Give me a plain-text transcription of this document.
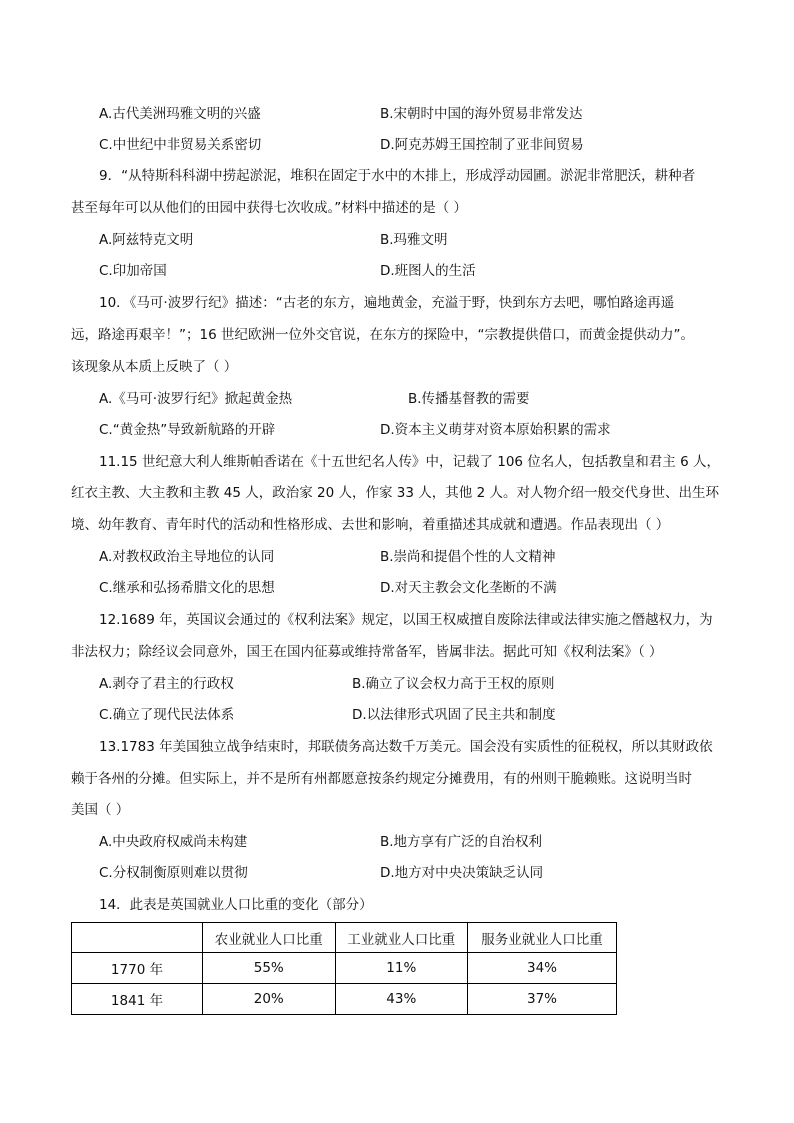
A.古代美洲玛雅文明的兴盛	B.宋朝时中国的海外贸易非常发达
C.中世纪中非贸易关系密切	D.阿克苏姆王国控制了亚非间贸易
9．“从特斯科科湖中捞起淤泥，堆积在固定于水中的木排上，形成浮动园圃。淤泥非常肥沃，耕种者
甚至每年可以从他们的田园中获得七次收成。”材料中描述的是（ ）
A.阿兹特克文明	B.玛雅文明
C.印加帝国	D.班图人的生活
10．《马可·波罗行纪》描述：“古老的东方，遍地黄金，充溢于野，快到东方去吧，哪怕路途再遥
远，路途再艰辛！”；16 世纪欧洲一位外交官说，在东方的探险中，“宗教提供借口，而黄金提供动力”。
该现象从本质上反映了（ ）
A.《马可·波罗行纪》掀起黄金热	B.传播基督教的需要
C.“黄金热”导致新航路的开辟	D.资本主义萌芽对资本原始积累的需求
11.15 世纪意大利人维斯帕香诺在《十五世纪名人传》中，记载了 106 位名人，包括教皇和君主 6 人，
红衣主教、大主教和主教 45 人，政治家 20 人，作家 33 人，其他 2 人。对人物介绍一般交代身世、出生环
境、幼年教育、青年时代的活动和性格形成、去世和影响，着重描述其成就和遭遇。作品表现出（ ）
A.对教权政治主导地位的认同	B.崇尚和提倡个性的人文精神
C.继承和弘扬希腊文化的思想	D.对天主教会文化垄断的不满
12.1689 年，英国议会通过的《权利法案》规定，以国王权威擅自废除法律或法律实施之僭越权力，为
非法权力；除经议会同意外，国王在国内征募或维持常备军，皆属非法。据此可知《权利法案》（ ）
A.剥夺了君主的行政权	B.确立了议会权力高于王权的原则
C.确立了现代民法体系	D.以法律形式巩固了民主共和制度
13.1783 年美国独立战争结束时，邦联债务高达数千万美元。国会没有实质性的征税权，所以其财政依
赖于各州的分摊。但实际上，并不是所有州都愿意按条约规定分摊费用，有的州则干脆赖账。这说明当时
美国（ ）
A.中央政府权威尚未构建	B.地方享有广泛的自治权利
C.分权制衡原则难以贯彻	D.地方对中央决策缺乏认同
14．此表是英国就业人口比重的变化（部分）
	农业就业人口比重	工业就业人口比重	服务业就业人口比重
1770 年	55%	11%	34%
1841 年	20%	43%	37%
